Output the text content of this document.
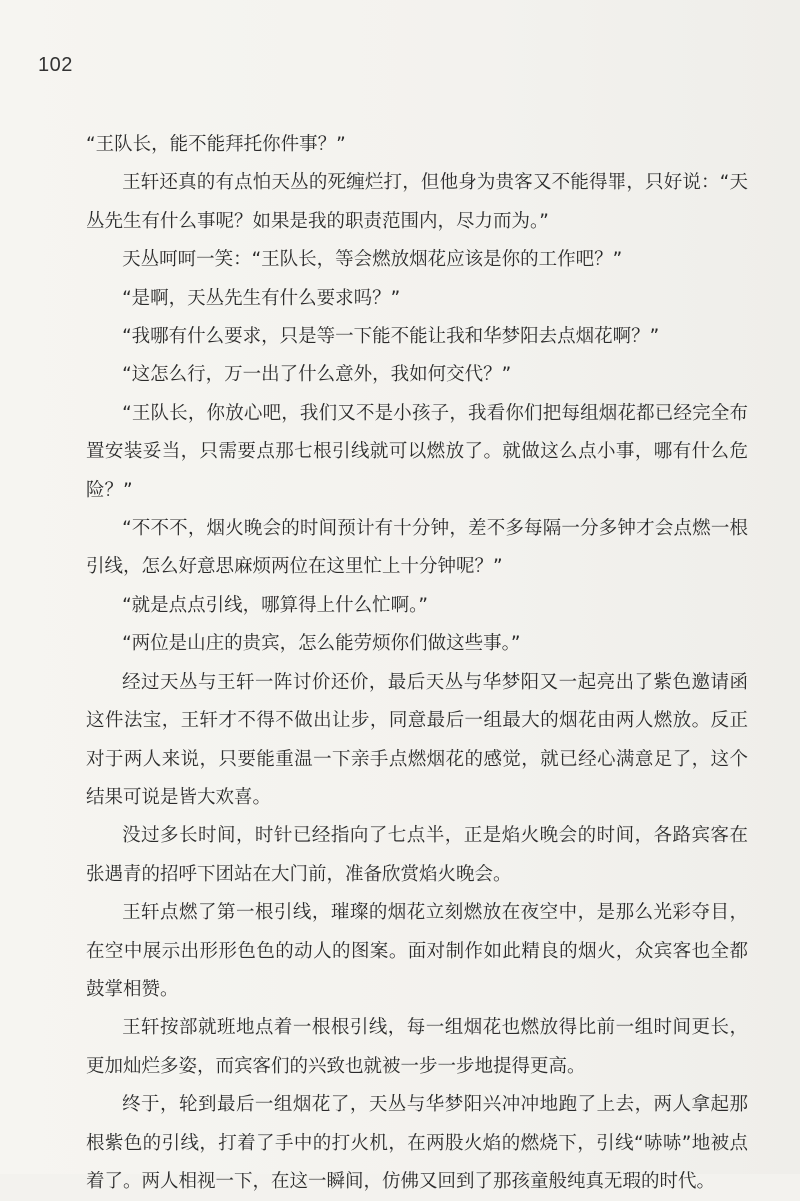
102

“王队长，能不能拜托你件事？”

王轩还真的有点怕天丛的死缠烂打，但他身为贵客又不能得罪，只好说：“天丛先生有什么事呢？如果是我的职责范围内，尽力而为。”

天丛呵呵一笑：“王队长，等会燃放烟花应该是你的工作吧？”

“是啊，天丛先生有什么要求吗？”

“我哪有什么要求，只是等一下能不能让我和华梦阳去点烟花啊？”

“这怎么行，万一出了什么意外，我如何交代？”

“王队长，你放心吧，我们又不是小孩子，我看你们把每组烟花都已经完全布置安装妥当，只需要点那七根引线就可以燃放了。就做这么点小事，哪有什么危险？”

“不不不，烟火晚会的时间预计有十分钟，差不多每隔一分多钟才会点燃一根引线，怎么好意思麻烦两位在这里忙上十分钟呢？”

“就是点点引线，哪算得上什么忙啊。”

“两位是山庄的贵宾，怎么能劳烦你们做这些事。”

经过天丛与王轩一阵讨价还价，最后天丛与华梦阳又一起亮出了紫色邀请函这件法宝，王轩才不得不做出让步，同意最后一组最大的烟花由两人燃放。反正对于两人来说，只要能重温一下亲手点燃烟花的感觉，就已经心满意足了，这个结果可说是皆大欢喜。

没过多长时间，时针已经指向了七点半，正是焰火晚会的时间，各路宾客在张遇青的招呼下团站在大门前，准备欣赏焰火晚会。

王轩点燃了第一根引线，璀璨的烟花立刻燃放在夜空中，是那么光彩夺目，在空中展示出形形色色的动人的图案。面对制作如此精良的烟火，众宾客也全都鼓掌相赞。

王轩按部就班地点着一根根引线，每一组烟花也燃放得比前一组时间更长，更加灿烂多姿，而宾客们的兴致也就被一步一步地提得更高。

终于，轮到最后一组烟花了，天丛与华梦阳兴冲冲地跑了上去，两人拿起那根紫色的引线，打着了手中的打火机，在两股火焰的燃烧下，引线“哧哧”地被点着了。两人相视一下，在这一瞬间，仿佛又回到了那孩童般纯真无瑕的时代。
